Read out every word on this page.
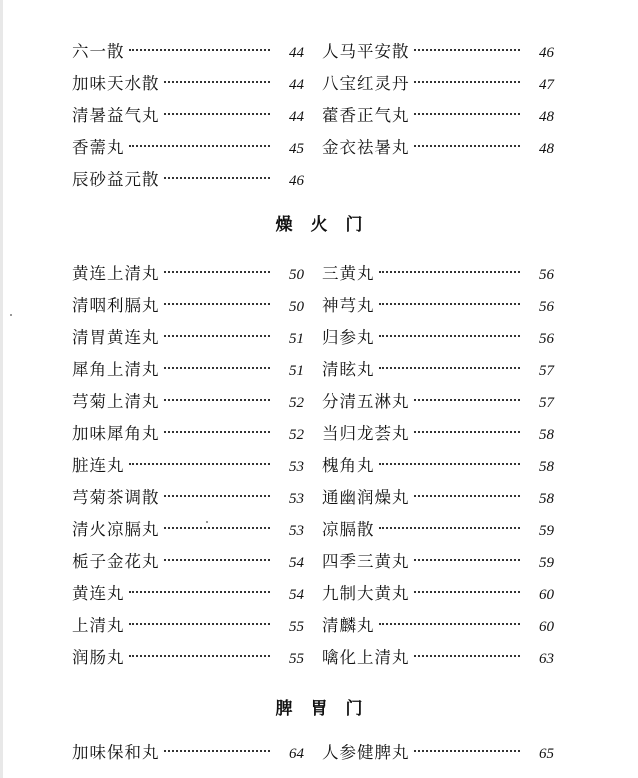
六一散	44
加味天水散	44
清暑益气丸	44
香薷丸	45
辰砂益元散	46
人马平安散	46
八宝红灵丹	47
藿香正气丸	48
金衣祛暑丸	48
燥火门
黄连上清丸	50
清咽利膈丸	50
清胃黄连丸	51
犀角上清丸	51
芎菊上清丸	52
加味犀角丸	52
脏连丸	53
芎菊茶调散	53
清火凉膈丸	53
栀子金花丸	54
黄连丸	54
上清丸	55
润肠丸	55
三黄丸	56
神芎丸	56
归参丸	56
清眩丸	57
分清五淋丸	57
当归龙荟丸	58
槐角丸	58
通幽润燥丸	58
凉膈散	59
四季三黄丸	59
九制大黄丸	60
清麟丸	60
噙化上清丸	63
脾胃门
加味保和丸	64 人参健脾丸	65
